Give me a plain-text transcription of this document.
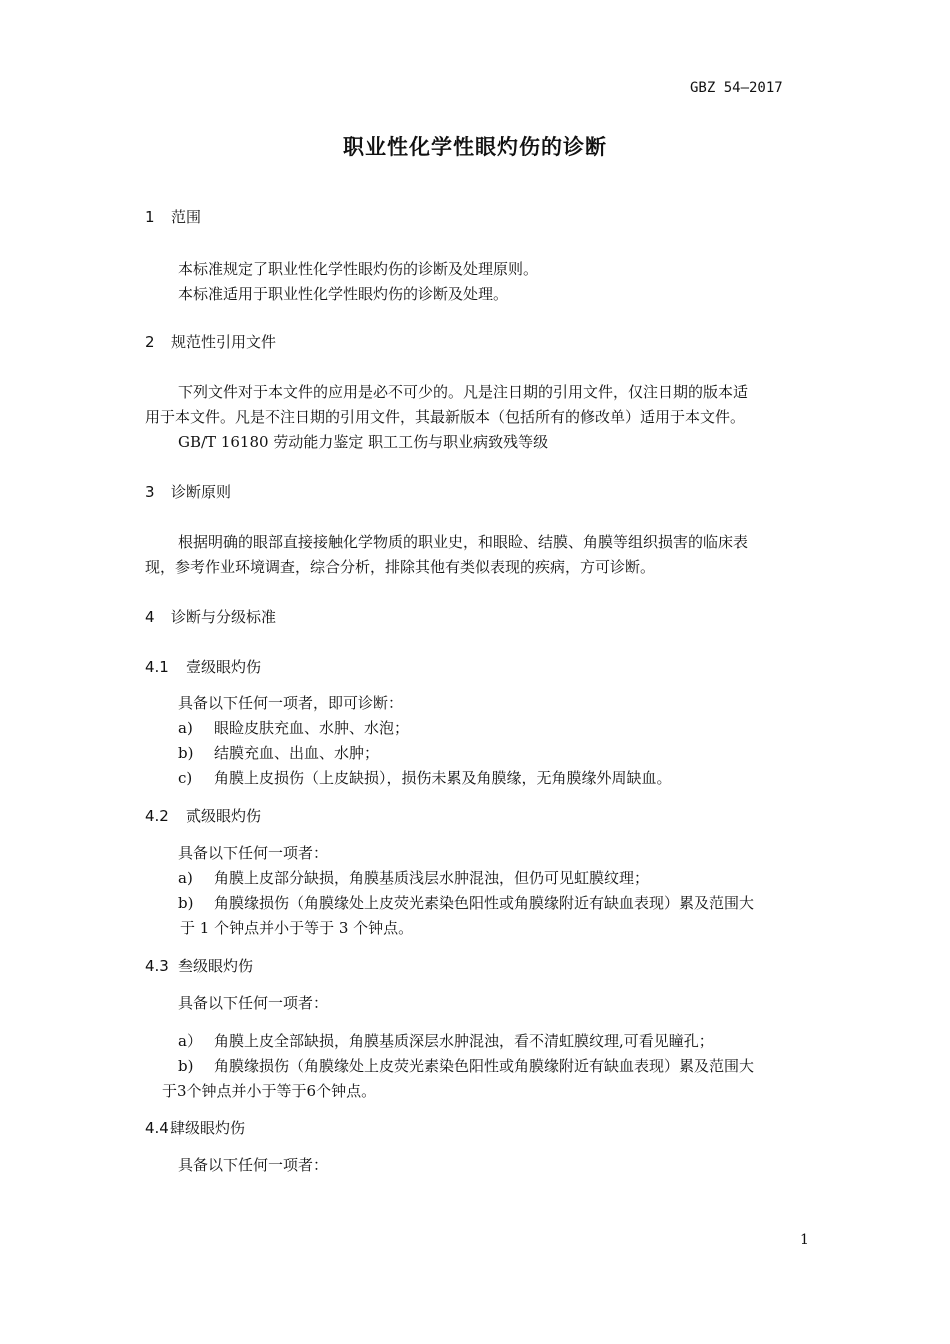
GBZ 54—2017
职业性化学性眼灼伤的诊断
1 范围
本标准规定了职业性化学性眼灼伤的诊断及处理原则。
本标准适用于职业性化学性眼灼伤的诊断及处理。
2 规范性引用文件
下列文件对于本文件的应用是必不可少的。凡是注日期的引用文件，仅注日期的版本适
用于本文件。凡是不注日期的引用文件，其最新版本（包括所有的修改单）适用于本文件。
GB/T 16180 劳动能力鉴定 职工工伤与职业病致残等级
3 诊断原则
根据明确的眼部直接接触化学物质的职业史，和眼睑、结膜、角膜等组织损害的临床表
现，参考作业环境调查，综合分析，排除其他有类似表现的疾病，方可诊断。
4 诊断与分级标准
4.1 壹级眼灼伤
具备以下任何一项者，即可诊断：
a) 眼睑皮肤充血、水肿、水泡；
b) 结膜充血、出血、水肿；
c) 角膜上皮损伤（上皮缺损），损伤未累及角膜缘，无角膜缘外周缺血。
4.2 贰级眼灼伤
具备以下任何一项者：
a) 角膜上皮部分缺损，角膜基质浅层水肿混浊，但仍可见虹膜纹理；
b) 角膜缘损伤（角膜缘处上皮荧光素染色阳性或角膜缘附近有缺血表现）累及范围大
于 1 个钟点并小于等于 3 个钟点。
4.3 叁级眼灼伤
具备以下任何一项者：
a） 角膜上皮全部缺损，角膜基质深层水肿混浊，看不清虹膜纹理,可看见瞳孔；
b) 角膜缘损伤（角膜缘处上皮荧光素染色阳性或角膜缘附近有缺血表现）累及范围大
于3个钟点并小于等于6个钟点。
4.4肆级眼灼伤
具备以下任何一项者：
1
